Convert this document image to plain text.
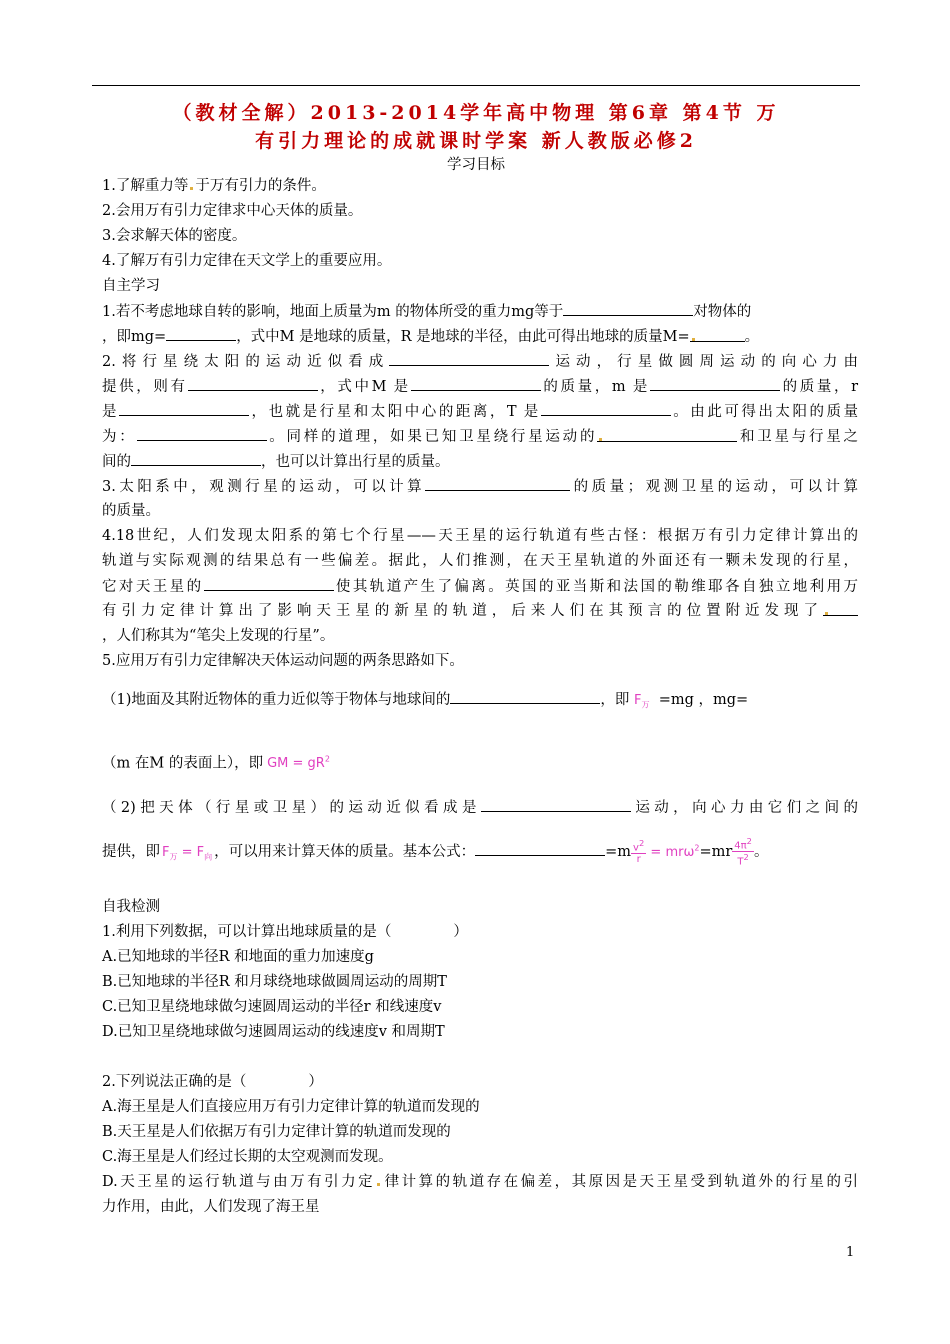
（教材全解）2013-2014学年高中物理 第6章 第4节 万
有引力理论的成就课时学案 新人教版必修2
学习目标
1.了解重力等 于万有引力的条件。
2.会用万有引力定律求中心天体的质量。
3.会求解天体的密度。
4.了解万有引力定律在天文学上的重要应用。
自主学习
1.若不考虑地球自转的影响，地面上质量为m 的物体所受的重力mg等于	对物体的
，即mg=	，式中M 是地球的质量，R 是地球的半径，由此可得出地球的质量M=	。
2.将行星绕太阳的运动近似看成	运动，行星做圆周运动的向心力由
提供，则有	，式中M 是	的质量，m 是	的质量，r
是	，也就是行星和太阳中心的距离，T 是	。由此可得出太阳的质量
为：	。同样的道理，如果已知卫星绕行星运动的	和卫星与行星之
间的	，也可以计算出行星的质量。
3.太阳系中，观测行星的运动，可以计算	的质量；观测卫星的运动，可以计算
的质量。
4.18世纪，人们发现太阳系的第七个行星——天王星的运行轨道有些古怪：根据万有引力定律计算出的
轨道与实际观测的结果总有一些偏差。据此，人们推测，在天王星轨道的外面还有一颗未发现的行星，
它对天王星的	使其轨道产生了偏离。英国的亚当斯和法国的勒维耶各自独立地利用万
有引力定律计算出了影响天王星的新星的轨道，后来人们在其预言的位置附近发现了
，人们称其为“笔尖上发现的行星”。
5.应用万有引力定律解决天体运动问题的两条思路如下。
（1)地面及其附近物体的重力近似等于物体与地球间的	，即 $F_万 =mg$ ，mg=
（m 在M 的表面上），即 GM = $gR^2$
（2)把天体（行星或卫星）的运动近似看成是	运动，向心力由它们之间的
提供，即 $F_万 = F_向$ ，可以用来计算天体的质量。基本公式：	$=m \frac{v^2}{r} = mr\omega^2=mr \frac{4\pi^2}{T^2}$ 。
自我检测
1.利用下列数据，可以计算出地球质量的是（	）
A.已知地球的半径R 和地面的重力加速度g
B.已知地球的半径R 和月球绕地球做圆周运动的周期T
C.已知卫星绕地球做匀速圆周运动的半径r 和线速度v
D.已知卫星绕地球做匀速圆周运动的线速度v 和周期T
2.下列说法正确的是（	）
A.海王星是人们直接应用万有引力定律计算的轨道而发现的
B.天王星是人们依据万有引力定律计算的轨道而发现的
C.海王星是人们经过长期的太空观测而发现。
D.天王星的运行轨道与由万有引力定 律计算的轨道存在偏差，其原因是天王星受到轨道外的行星的引
力作用，由此，人们发现了海王星
1
